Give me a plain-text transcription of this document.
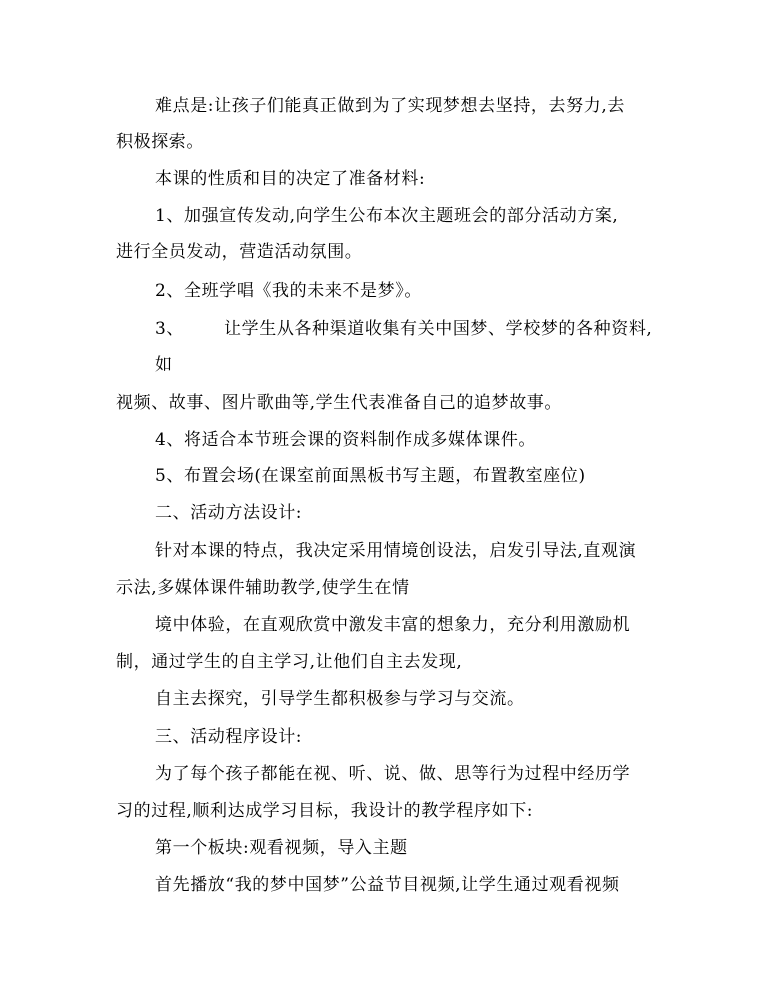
难点是:让孩子们能真正做到为了实现梦想去坚持，去努力,去
积极探索。
本课的性质和目的决定了准备材料:
1、加强宣传发动,向学生公布本次主题班会的部分活动方案,
进行全员发动，营造活动氛围。
2、全班学唱《我的未来不是梦》。
3、 让学生从各种渠道收集有关中国梦、学校梦的各种资料,
如
视频、故事、图片歌曲等,学生代表准备自己的追梦故事。
4、将适合本节班会课的资料制作成多媒体课件。
5、布置会场(在课室前面黑板书写主题，布置教室座位)
二、活动方法设计:
针对本课的特点，我决定采用情境创设法，启发引导法,直观演
示法,多媒体课件辅助教学,使学生在情
境中体验，在直观欣赏中激发丰富的想象力，充分利用激励机
制，通过学生的自主学习,让他们自主去发现,
自主去探究，引导学生都积极参与学习与交流。
三、活动程序设计:
为了每个孩子都能在视、听、说、做、思等行为过程中经历学
习的过程,顺利达成学习目标，我设计的教学程序如下:
第一个板块:观看视频，导入主题
首先播放“我的梦中国梦”公益节目视频,让学生通过观看视频
